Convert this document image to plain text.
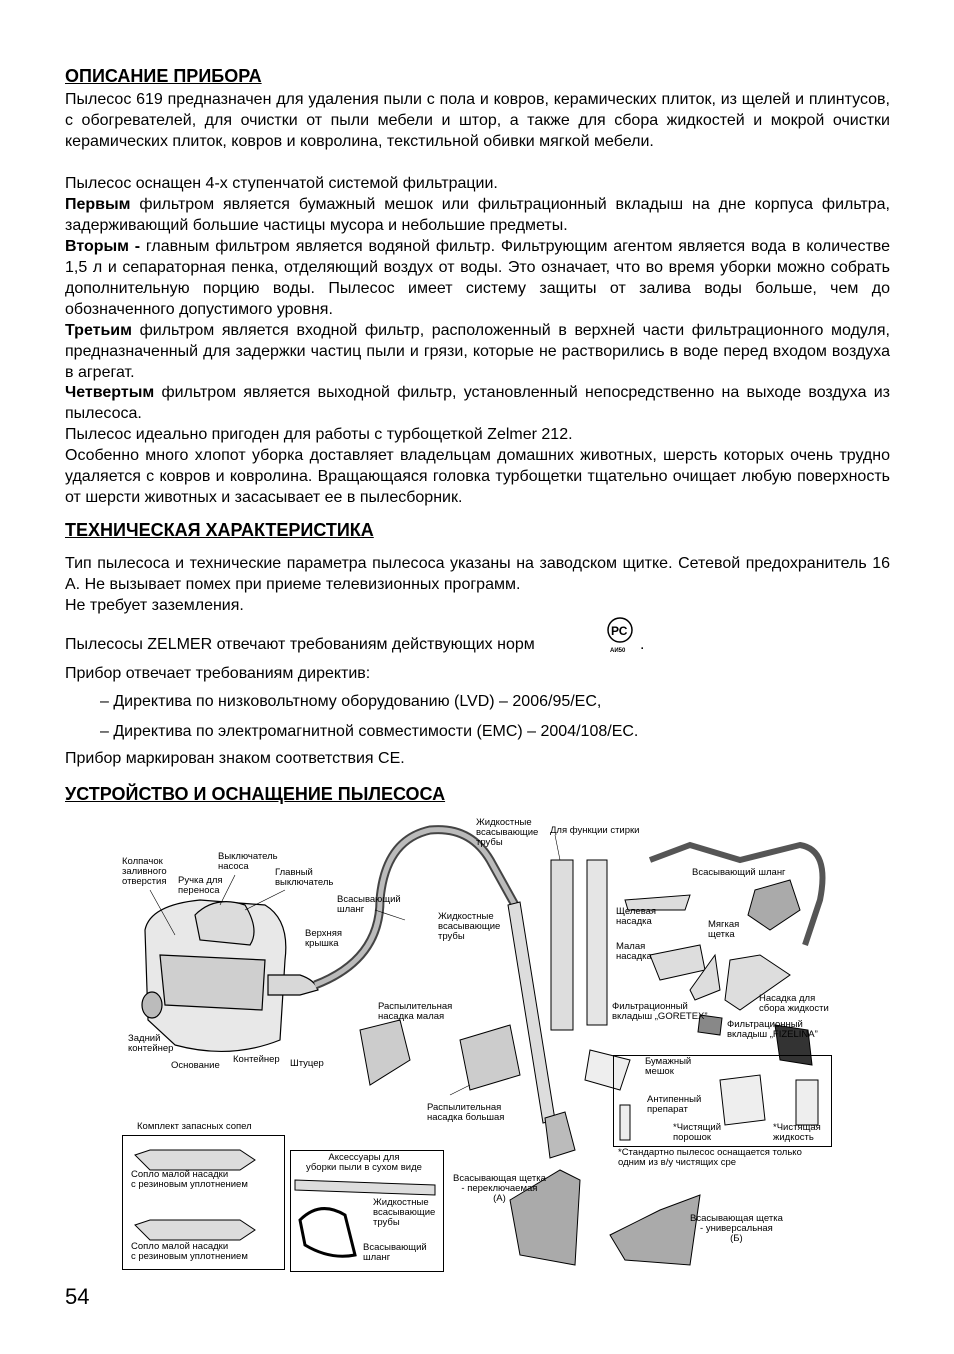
ОПИСАНИЕ ПРИБОРА

Пылесос 619 предназначен для удаления пыли с пола и ковров, керамических плиток, из щелей и плинтусов, с обогревателей, для очистки от пыли мебели и штор, а также для сбора жидкостей и мокрой очистки керамических плиток, ковров и ковролина, текстильной обивки мягкой мебели.

Пылесос оснащен 4-х ступенчатой системой фильтрации.

Первым фильтром является бумажный мешок или фильтрационный вкладыш на дне корпуса фильтра, задерживающий большие частицы мусора и небольшие предметы.

Вторым - главным фильтром является водяной фильтр. Фильтрующим агентом является вода в количестве 1,5 л и сепараторная пенка, отделяющий воздух от воды. Это означает, что во время уборки можно собрать дополнительную порцию воды. Пылесос имеет систему защиты от залива воды больше, чем до обозначенного допустимого уровня.

Третьим фильтром является входной фильтр, расположенный в верхней части фильтрационного модуля, предназначенный для задержки частиц пыли и грязи, которые не растворились в воде перед входом воздуха в агрегат.

Четвертым фильтром является выходной фильтр, установленный непосредственно на выходе воздуха из пылесоса.

Пылесос идеально пригоден для работы с турбощеткой Zelmer 212.

Особенно много хлопот уборка доставляет владельцам домашних животных, шерсть которых очень трудно удаляется с ковров и ковролина. Вращающаяся головка турбощетки тщательно очищает любую поверхность от шерсти животных и засасывает ее в пылесборник.

ТЕХНИЧЕСКАЯ ХАРАКТЕРИСТИКА

Тип пылесоса и технические параметра пылесоса указаны на заводском щитке. Сетевой предохранитель 16 А. Не вызывает помех при приеме телевизионных программ.

Не требует заземления.

Пылесосы ZELMER отвечают требованиям действующих норм	.

Прибор отвечает требованиям директив:

– Директива по низковольтному оборудованию (LVD) – 2006/95/EC,
– Директива по электромагнитной совместимости (EMC) – 2004/108/EC.

Прибор маркирован знаком соответствия CE.

УСТРОЙСТВО И ОСНАЩЕНИЕ ПЫЛЕСОСА
РС
АИ50
Колпачок
заливного
отверстия
Выключатель
насоса
Ручка для
переноса
Главный
выключатель
Всасывающий
шланг
Верхняя
крышка
Задний
контейнер
Основание
Контейнер Штуцер
Жидкостные
всасывающие
трубы
Для функции стирки
Всасывающий шланг
Жидкостные
всасывающие
трубы
Щелевая
насадка	Мягкая
щетка
Малая
насадка
Распылительная
насадка малая
Фильтрационный
вкладыш „GORETEX”
Насадка для
сбора жидкости
Фильтрационный
вкладыш „FIZELINA”
Бумажный
мешок
Распылительная
насадка большая
Антипенный
препарат
*Чистящий
порошок
*Чистящая
жидкость
*Стандартно пылесос оснащается только
одним из в/у чистящих сре
Комплект запасных сопел
Сопло малой насадки
с резиновым уплотнением
Сопло малой насадки
с резиновым уплотнением
Аксессуары для
уборки пыли в сухом виде
Жидкостные
всасывающие
трубы
Всасывающий
шланг
Всасывающая щетка
- переключаемая
(А)
Всасывающая щетка
- универсальная
(Б)
54
